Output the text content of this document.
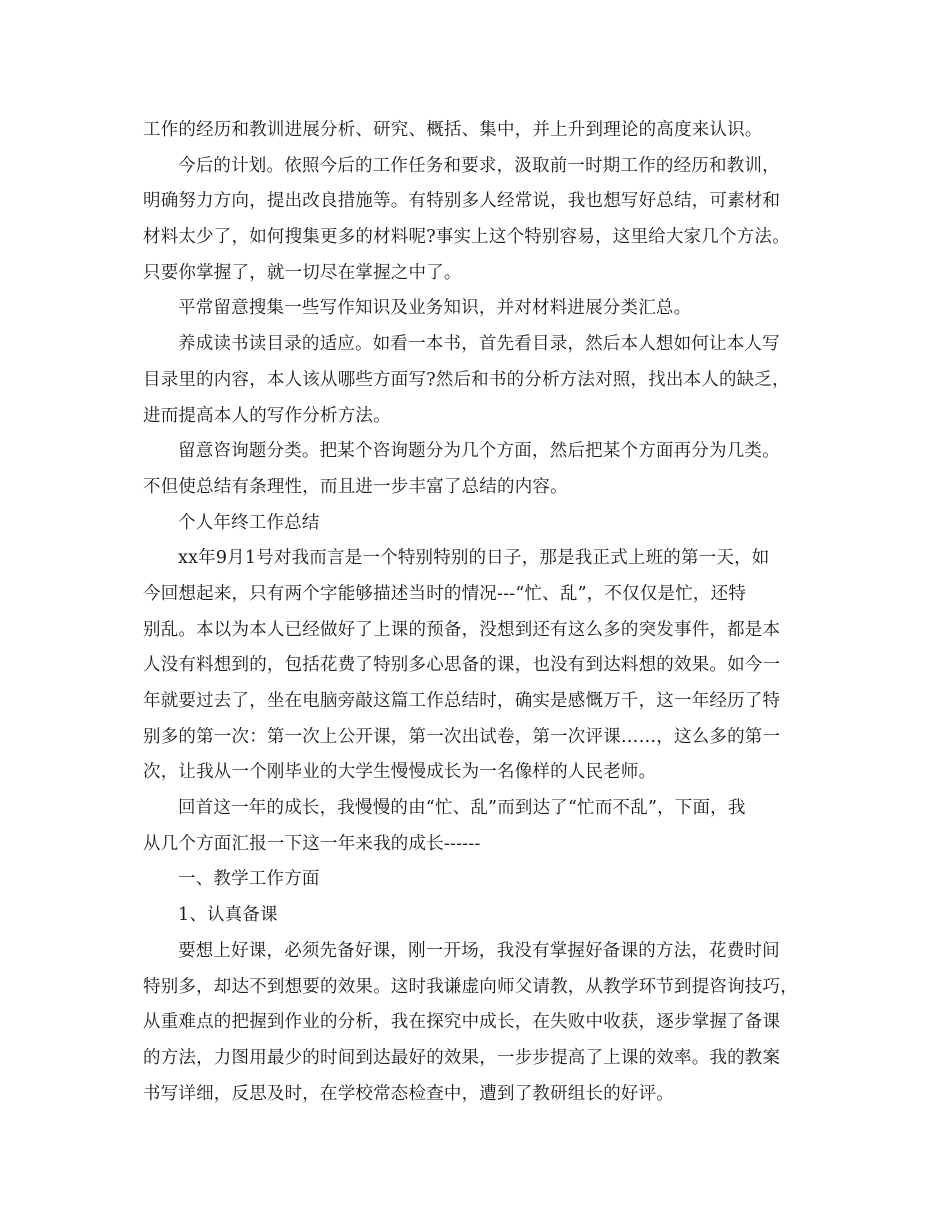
工作的经历和教训进展分析、研究、概括、集中，并上升到理论的高度来认识。
今后的计划。依照今后的工作任务和要求，汲取前一时期工作的经历和教训，
明确努力方向，提出改良措施等。有特别多人经常说，我也想写好总结，可素材和
材料太少了，如何搜集更多的材料呢?事实上这个特别容易，这里给大家几个方法。
只要你掌握了，就一切尽在掌握之中了。
平常留意搜集一些写作知识及业务知识，并对材料进展分类汇总。
养成读书读目录的适应。如看一本书，首先看目录，然后本人想如何让本人写
目录里的内容，本人该从哪些方面写?然后和书的分析方法对照，找出本人的缺乏，
进而提高本人的写作分析方法。
留意咨询题分类。把某个咨询题分为几个方面，然后把某个方面再分为几类。
不但使总结有条理性，而且进一步丰富了总结的内容。
个人年终工作总结
xx年9月1号对我而言是一个特别特别的日子，那是我正式上班的第一天，如
今回想起来，只有两个字能够描述当时的情况---“忙、乱”，不仅仅是忙，还特
别乱。本以为本人已经做好了上课的预备，没想到还有这么多的突发事件，都是本
人没有料想到的，包括花费了特别多心思备的课，也没有到达料想的效果。如今一
年就要过去了，坐在电脑旁敲这篇工作总结时，确实是感慨万千，这一年经历了特
别多的第一次：第一次上公开课，第一次出试卷，第一次评课……，这么多的第一
次，让我从一个刚毕业的大学生慢慢成长为一名像样的人民老师。
回首这一年的成长，我慢慢的由“忙、乱”而到达了“忙而不乱”，下面，我
从几个方面汇报一下这一年来我的成长------
一、教学工作方面
1、认真备课
要想上好课，必须先备好课，刚一开场，我没有掌握好备课的方法，花费时间
特别多，却达不到想要的效果。这时我谦虚向师父请教，从教学环节到提咨询技巧，
从重难点的把握到作业的分析，我在探究中成长，在失败中收获，逐步掌握了备课
的方法，力图用最少的时间到达最好的效果，一步步提高了上课的效率。我的教案
书写详细，反思及时，在学校常态检查中，遭到了教研组长的好评。
